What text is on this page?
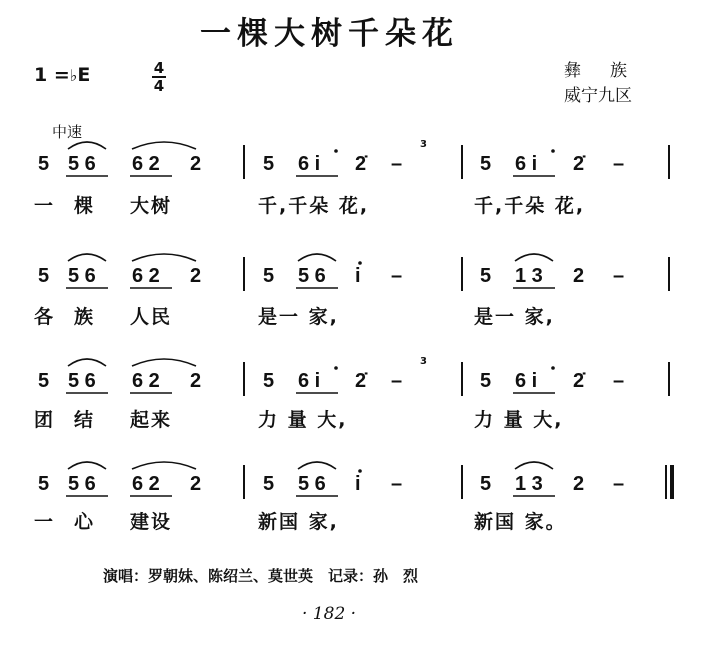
一棵大树千朵花
彝　族
威宁九区
1 =♭E	4
4
中速
5 5 6 6 2 2	5 6 i 2̇ –	5 6 i 2̇ –
一 棵 大树	千,千朵 花,	千,千朵 花,
5 5 6 6 2 2	5 5 6 i –	5 1 3 2 –
各 族 人民	是一 家,	是一 家,
5 5 6 6 2 2	5 6 i 2̇ –	5 6 i 2̇ –
团 结 起来	力 量 大,	力 量 大,
5 5 6 6 2 2	5 5 6 i –	5 1 3 2 –
一 心 建设	新国 家,	新国 家。
3
3
演唱：罗朝妹、陈绍兰、莫世英　记录：孙　烈
· 182 ·
